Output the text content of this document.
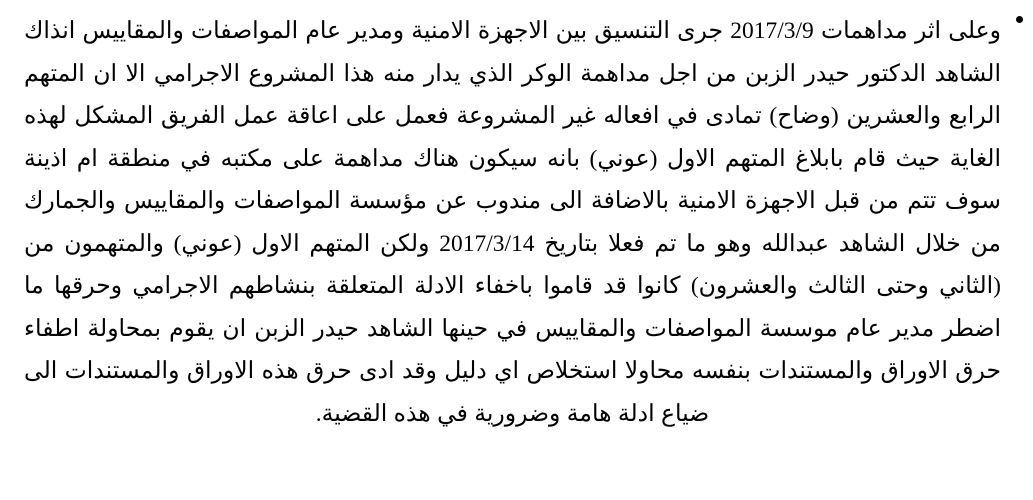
وعلى اثر مداهمات 2017/3/9 جرى التنسيق بين الاجهزة الامنية ومدير عام المواصفات والمقاييس انذاك الشاهد الدكتور حيدر الزبن من اجل مداهمة الوكر الذي يدار منه هذا المشروع الاجرامي الا ان المتهم الرابع والعشرين (وضاح) تمادى في افعاله غير المشروعة فعمل على اعاقة عمل الفريق المشكل لهذه الغاية حيث قام بابلاغ المتهم الاول (عوني) بانه سيكون هناك مداهمة على مكتبه في منطقة ام اذينة سوف تتم من قبل الاجهزة الامنية بالاضافة الى مندوب عن مؤسسة المواصفات والمقاييس والجمارك من خلال الشاهد عبدالله وهو ما تم فعلا بتاريخ 2017/3/14 ولكن المتهم الاول (عوني) والمتهمون من (الثاني وحتى الثالث والعشرون) كانوا قد قاموا باخفاء الادلة المتعلقة بنشاطهم الاجرامي وحرقها ما اضطر مدير عام موسسة المواصفات والمقاييس في حينها الشاهد حيدر الزبن ان يقوم بمحاولة اطفاء حرق الاوراق والمستندات بنفسه محاولا استخلاص اي دليل وقد ادى حرق هذه الاوراق والمستندات الى ضياع ادلة هامة وضرورية في هذه القضية.
